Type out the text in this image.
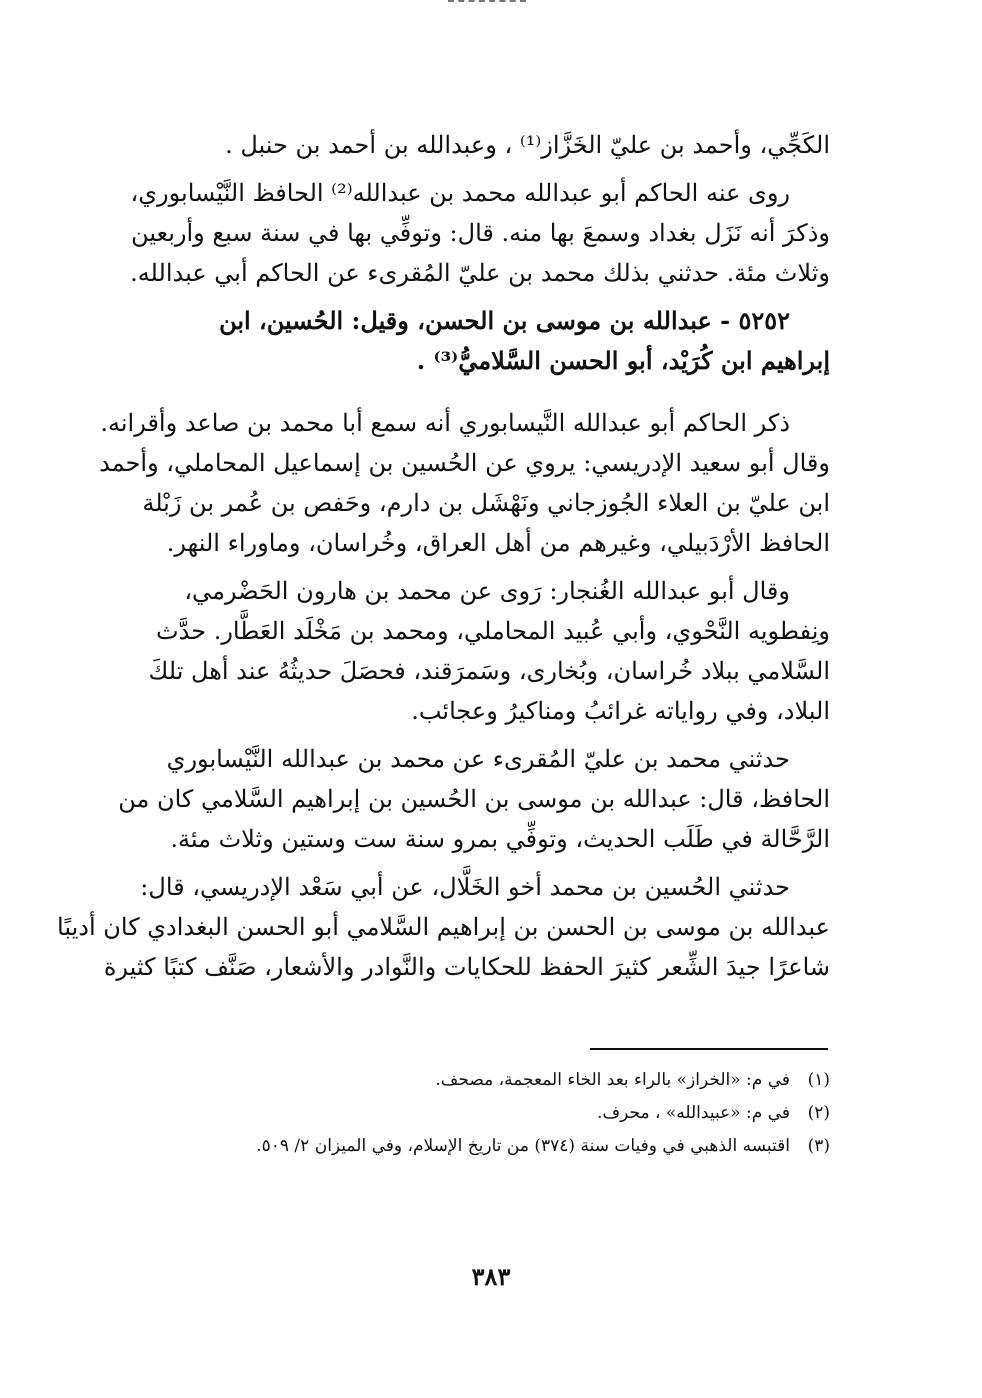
الكَجِّي، وأحمد بن عليّ الخَزَّاز⁽¹⁾ ، وعبدالله بن أحمد بن حنبل .
روى عنه الحاكم أبو عبدالله محمد بن عبدالله⁽²⁾ الحافظ النَّيْسابوري،
وذكرَ أنه نَزَل بغداد وسمعَ بها منه. قال: وتوفِّي بها في سنة سبع وأربعين
وثلاث مئة. حدثني بذلك محمد بن عليّ المُقرىء عن الحاكم أبي عبدالله.
٥٢٥٢ - عبدالله بن موسى بن الحسن، وقيل: الحُسين، ابن
إبراهيم ابن كُرَيْد، أبو الحسن السَّلاميُّ⁽³⁾ .
ذكر الحاكم أبو عبدالله النَّيسابوري أنه سمع أبا محمد بن صاعد وأقرانه.
وقال أبو سعيد الإدريسي: يروي عن الحُسين بن إسماعيل المحاملي، وأحمد
ابن عليّ بن العلاء الجُوزجاني ونَهْشَل بن دارم، وحَفص بن عُمر بن زَبْلة
الحافظ الأرْدَبيلي، وغيرهم من أهل العراق، وخُراسان، وماوراء النهر.
وقال أبو عبدالله الغُنجار: رَوى عن محمد بن هارون الحَضْرمي،
ونِفطويه النَّحْوي، وأبي عُبيد المحاملي، ومحمد بن مَخْلَد العَطَّار. حدَّث
السَّلامي ببلاد خُراسان، وبُخارى، وسَمرَقند، فحصَلَ حديثُهُ عند أهل تلكَ
البلاد، وفي رواياته غرائبُ ومناكيرُ وعجائب.
حدثني محمد بن عليّ المُقرىء عن محمد بن عبدالله النَّيْسابوري
الحافظ، قال: عبدالله بن موسى بن الحُسين بن إبراهيم السَّلامي كان من
الرَّحَّالة في طَلَب الحديث، وتوفِّي بمرو سنة ست وستين وثلاث مئة.
حدثني الحُسين بن محمد أخو الخَلَّال، عن أبي سَعْد الإدريسي، قال:
عبدالله بن موسى بن الحسن بن إبراهيم السَّلامي أبو الحسن البغدادي كان أديبًا
شاعرًا جيدَ الشِّعر كثيرَ الحفظ للحكايات والنَّوادر والأشعار، صَنَّف كتبًا كثيرة
(١)في م: «الخراز» بالراء بعد الخاء المعجمة، مصحف.
(٢)في م: «عبيدالله» ، محرف.
(٣)اقتبسه الذهبي في وفيات سنة (٣٧٤) من تاريخ الإسلام، وفي الميزان ٢/ ٥٠٩.
٣٨٣
